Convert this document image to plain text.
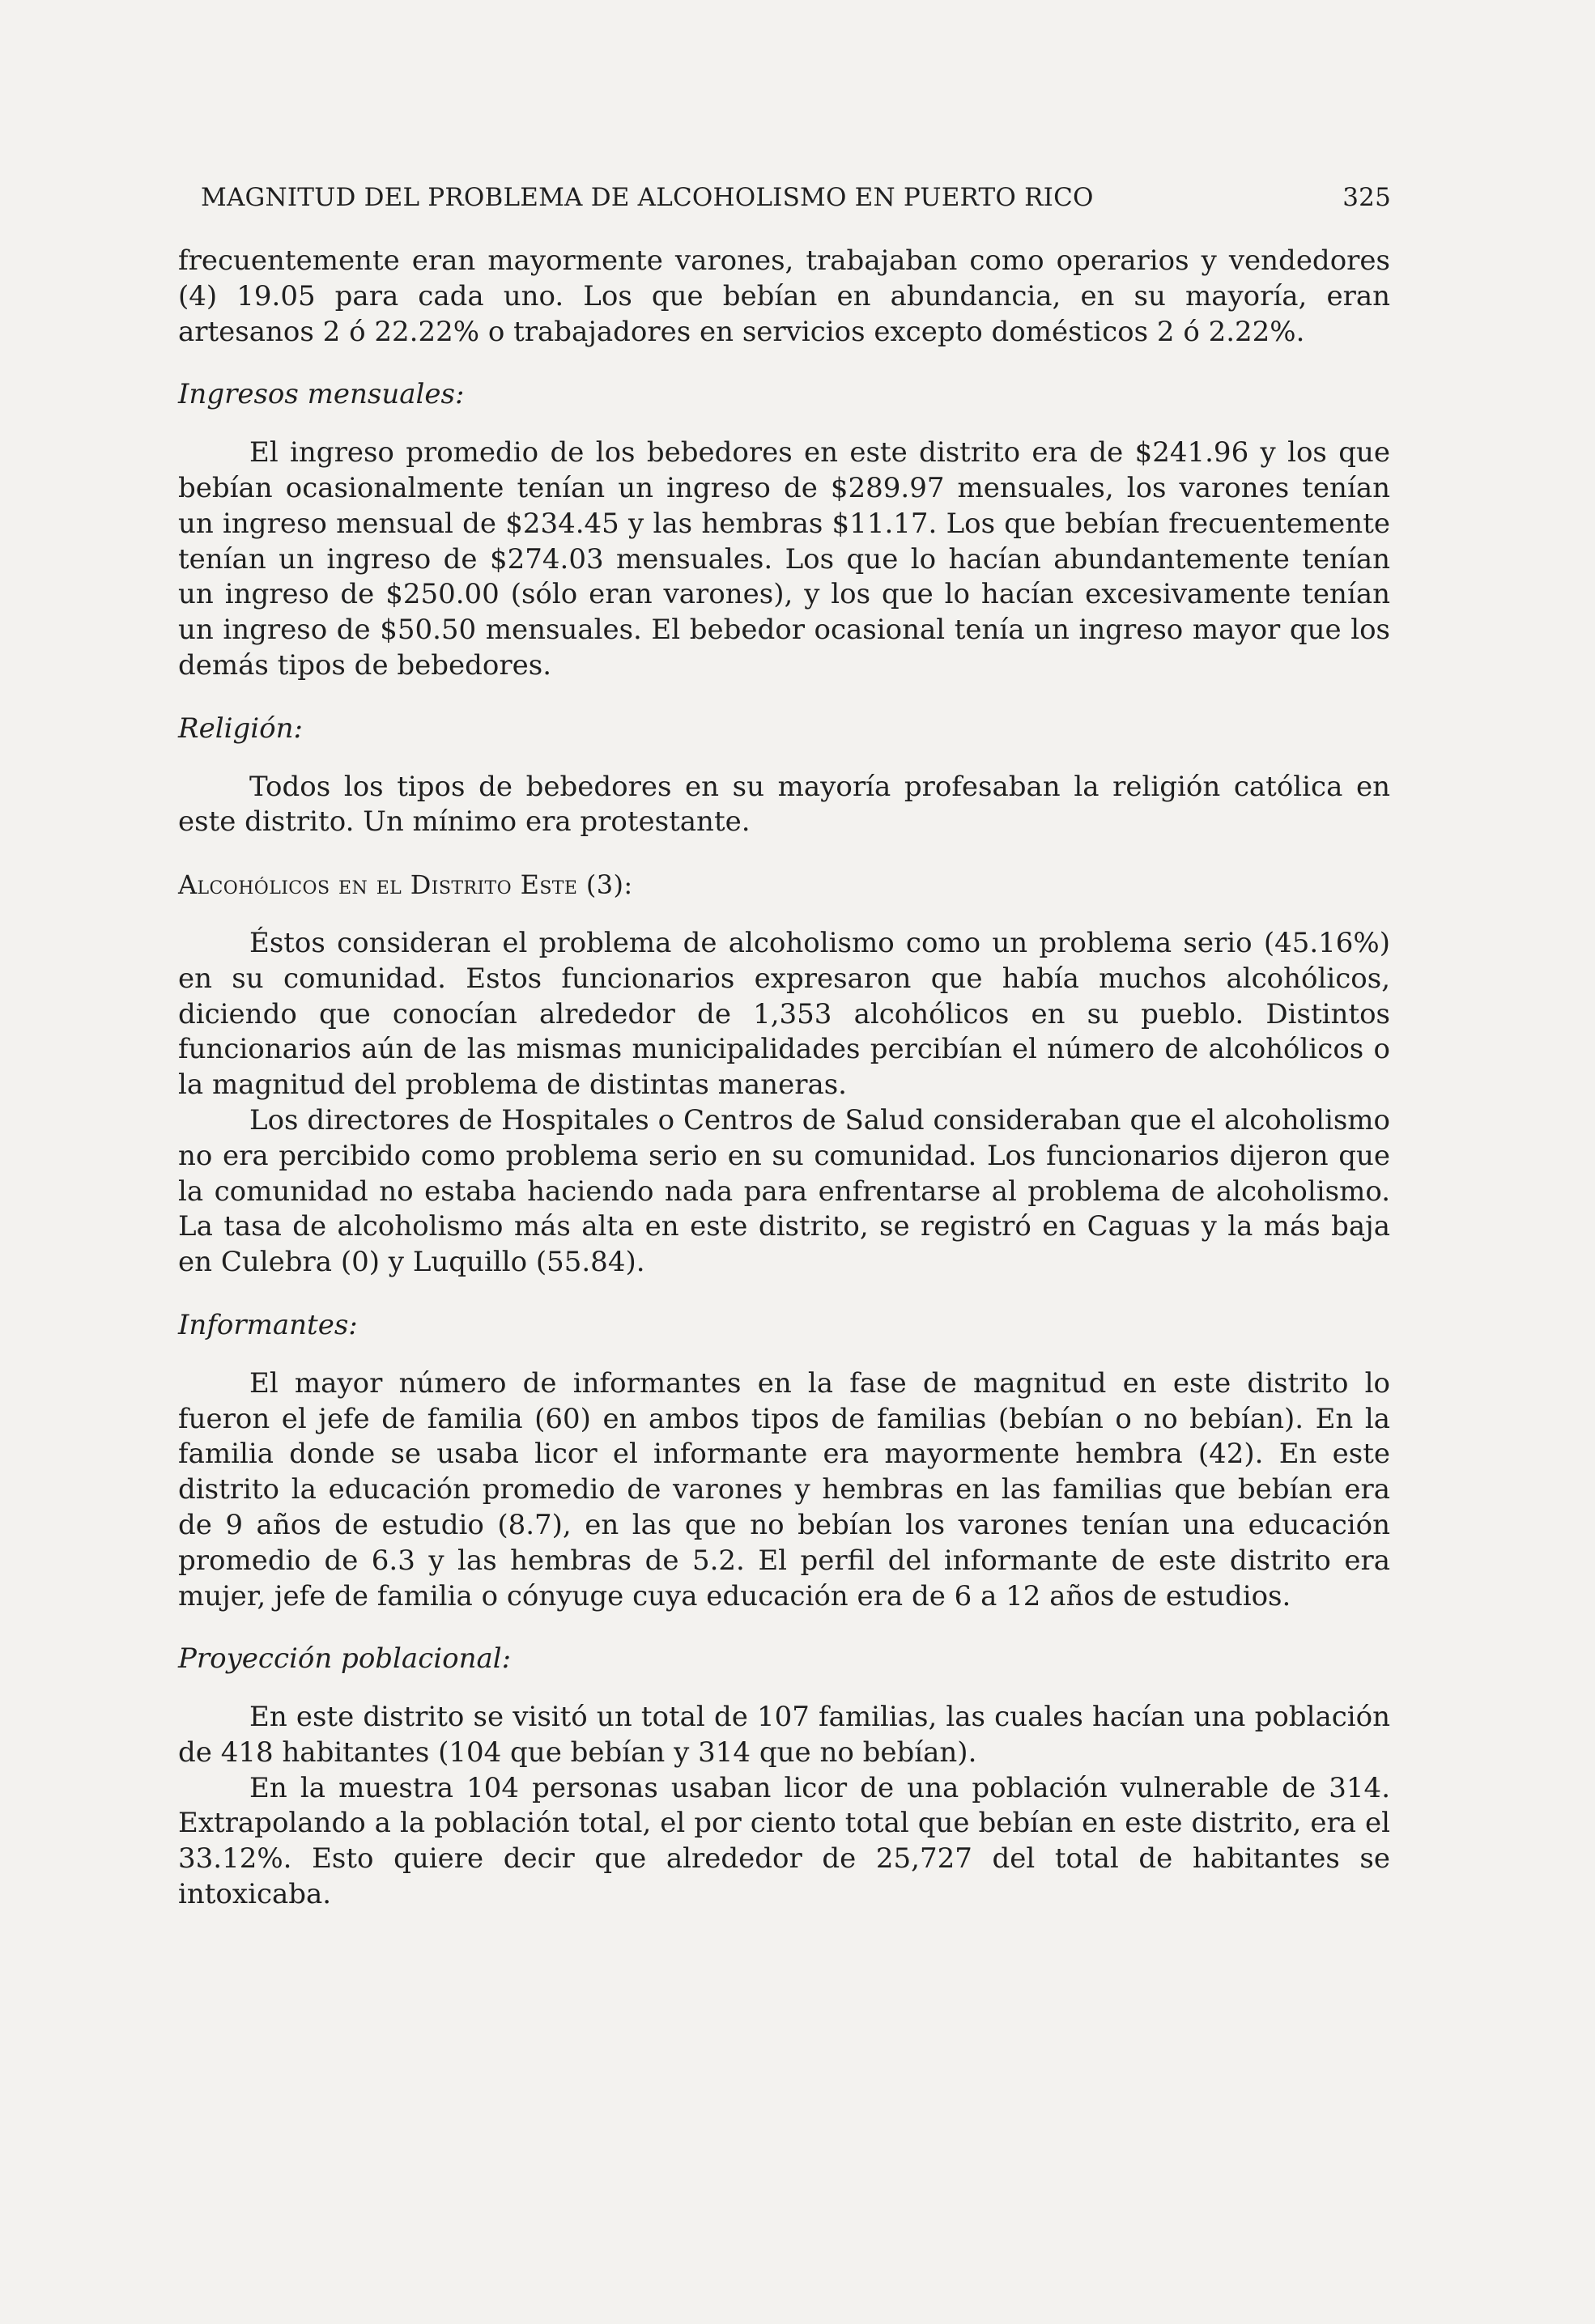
MAGNITUD DEL PROBLEMA DE ALCOHOLISMO EN PUERTO RICO	325

frecuentemente eran mayormente varones, trabajaban como operarios y vendedores (4) 19.05 para cada uno. Los que bebían en abundancia, en su mayoría, eran artesanos 2 ó 22.22% o trabajadores en servicios excepto domésticos 2 ó 2.22%.

Ingresos mensuales:

El ingreso promedio de los bebedores en este distrito era de $241.96 y los que bebían ocasionalmente tenían un ingreso de $289.97 mensuales, los varones tenían un ingreso mensual de $234.45 y las hembras $11.17. Los que bebían frecuentemente tenían un ingreso de $274.03 mensuales. Los que lo hacían abundantemente tenían un ingreso de $250.00 (sólo eran varones), y los que lo hacían excesivamente tenían un ingreso de $50.50 mensuales. El bebedor ocasional tenía un ingreso mayor que los demás tipos de bebedores.

Religión:

Todos los tipos de bebedores en su mayoría profesaban la religión católica en este distrito. Un mínimo era protestante.

Alcohólicos en el Distrito Este (3):

Éstos consideran el problema de alcoholismo como un problema serio (45.16%) en su comunidad. Estos funcionarios expresaron que había muchos alcohólicos, diciendo que conocían alrededor de 1,353 alcohólicos en su pueblo. Distintos funcionarios aún de las mismas municipalidades percibían el número de alcohólicos o la magnitud del problema de distintas maneras.

Los directores de Hospitales o Centros de Salud consideraban que el alcoholismo no era percibido como problema serio en su comunidad. Los funcionarios dijeron que la comunidad no estaba haciendo nada para enfrentarse al problema de alcoholismo. La tasa de alcoholismo más alta en este distrito, se registró en Caguas y la más baja en Culebra (0) y Luquillo (55.84).

Informantes:

El mayor número de informantes en la fase de magnitud en este distrito lo fueron el jefe de familia (60) en ambos tipos de familias (bebían o no bebían). En la familia donde se usaba licor el informante era mayormente hembra (42). En este distrito la educación promedio de varones y hembras en las familias que bebían era de 9 años de estudio (8.7), en las que no bebían los varones tenían una educación promedio de 6.3 y las hembras de 5.2. El perfil del informante de este distrito era mujer, jefe de familia o cónyuge cuya educación era de 6 a 12 años de estudios.

Proyección poblacional:

En este distrito se visitó un total de 107 familias, las cuales hacían una población de 418 habitantes (104 que bebían y 314 que no bebían).

En la muestra 104 personas usaban licor de una población vulnerable de 314. Extrapolando a la población total, el por ciento total que bebían en este distrito, era el 33.12%. Esto quiere decir que alrededor de 25,727 del total de habitantes se intoxicaba.
